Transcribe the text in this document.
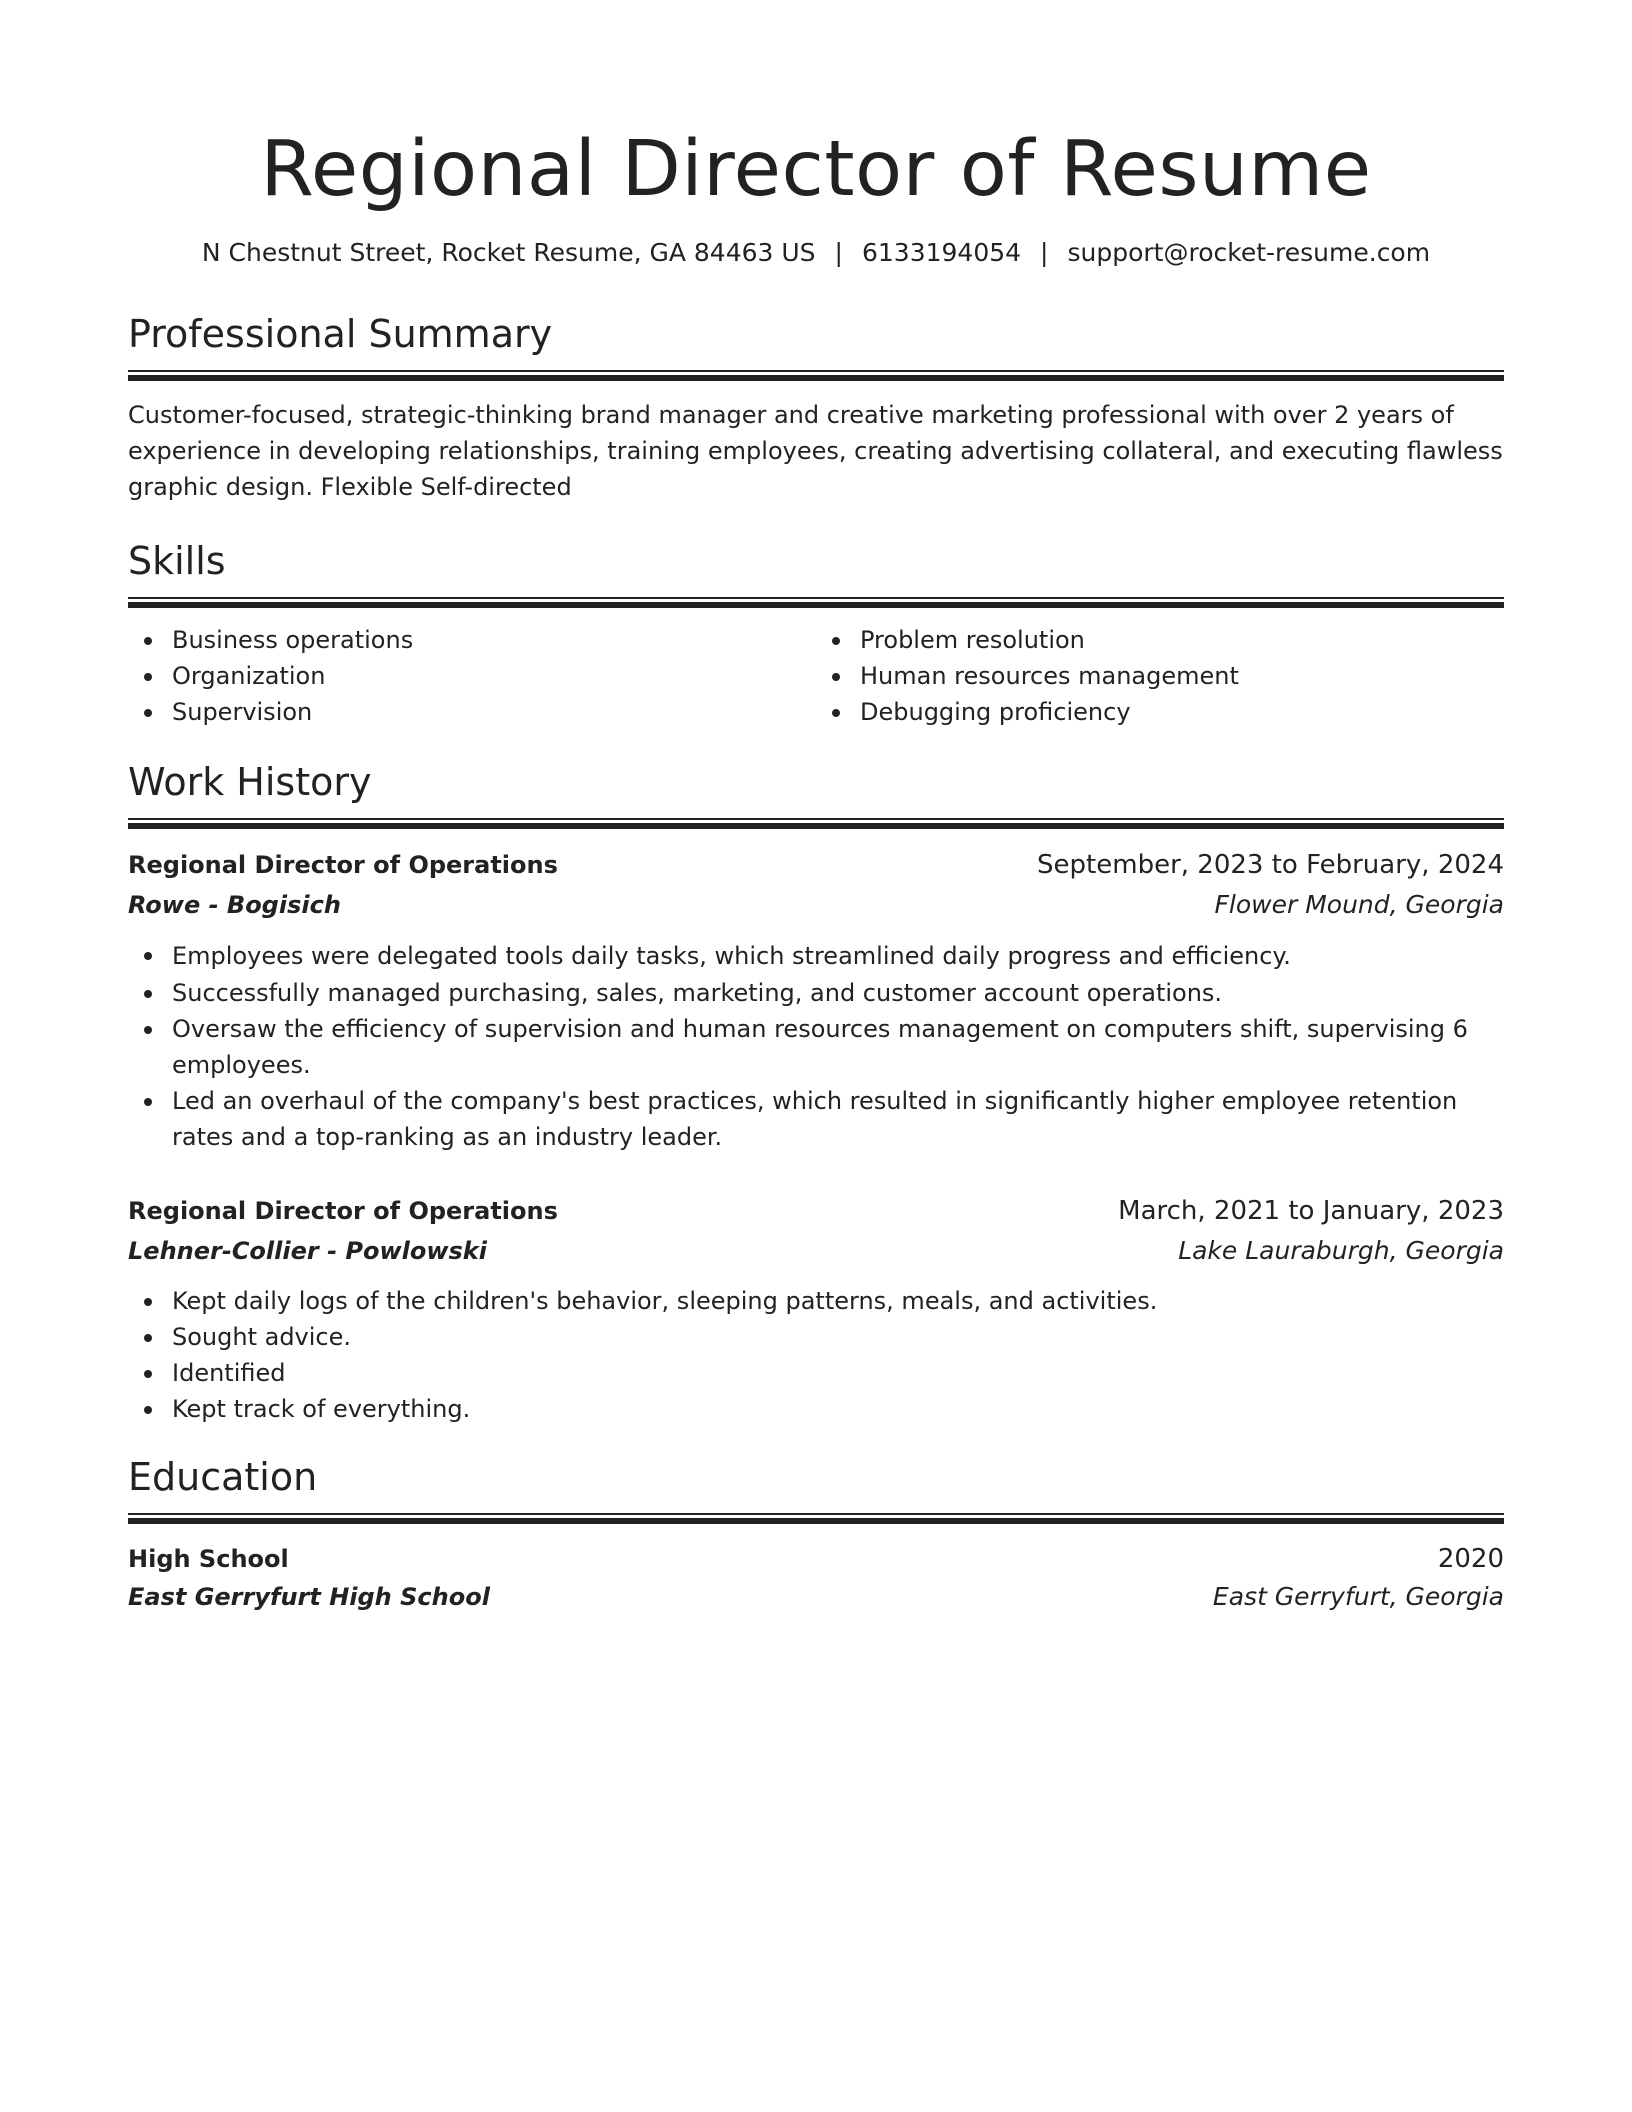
Regional Director of Resume
N Chestnut Street, Rocket Resume, GA 84463 US | 6133194054 | support@rocket-resume.com
Professional Summary

Customer-focused, strategic-thinking brand manager and creative marketing professional with over 2 years of experience in developing relationships, training employees, creating advertising collateral, and executing flawless graphic design. Flexible Self-directed

Skills
Business operations
Organization
Supervision
Problem resolution
Human resources management
Debugging proficiency
Work History
Regional Director of Operations	September, 2023 to February, 2024
Rowe - Bogisich	Flower Mound, Georgia
Employees were delegated tools daily tasks, which streamlined daily progress and efficiency.
Successfully managed purchasing, sales, marketing, and customer account operations.
Oversaw the efficiency of supervision and human resources management on computers shift, supervising 6 employees.
Led an overhaul of the company's best practices, which resulted in significantly higher employee retention rates and a top-ranking as an industry leader.
Regional Director of Operations	March, 2021 to January, 2023
Lehner-Collier - Powlowski	Lake Lauraburgh, Georgia
Kept daily logs of the children's behavior, sleeping patterns, meals, and activities.
Sought advice.
Identified
Kept track of everything.
Education
High School	2020
East Gerryfurt High School	East Gerryfurt, Georgia
